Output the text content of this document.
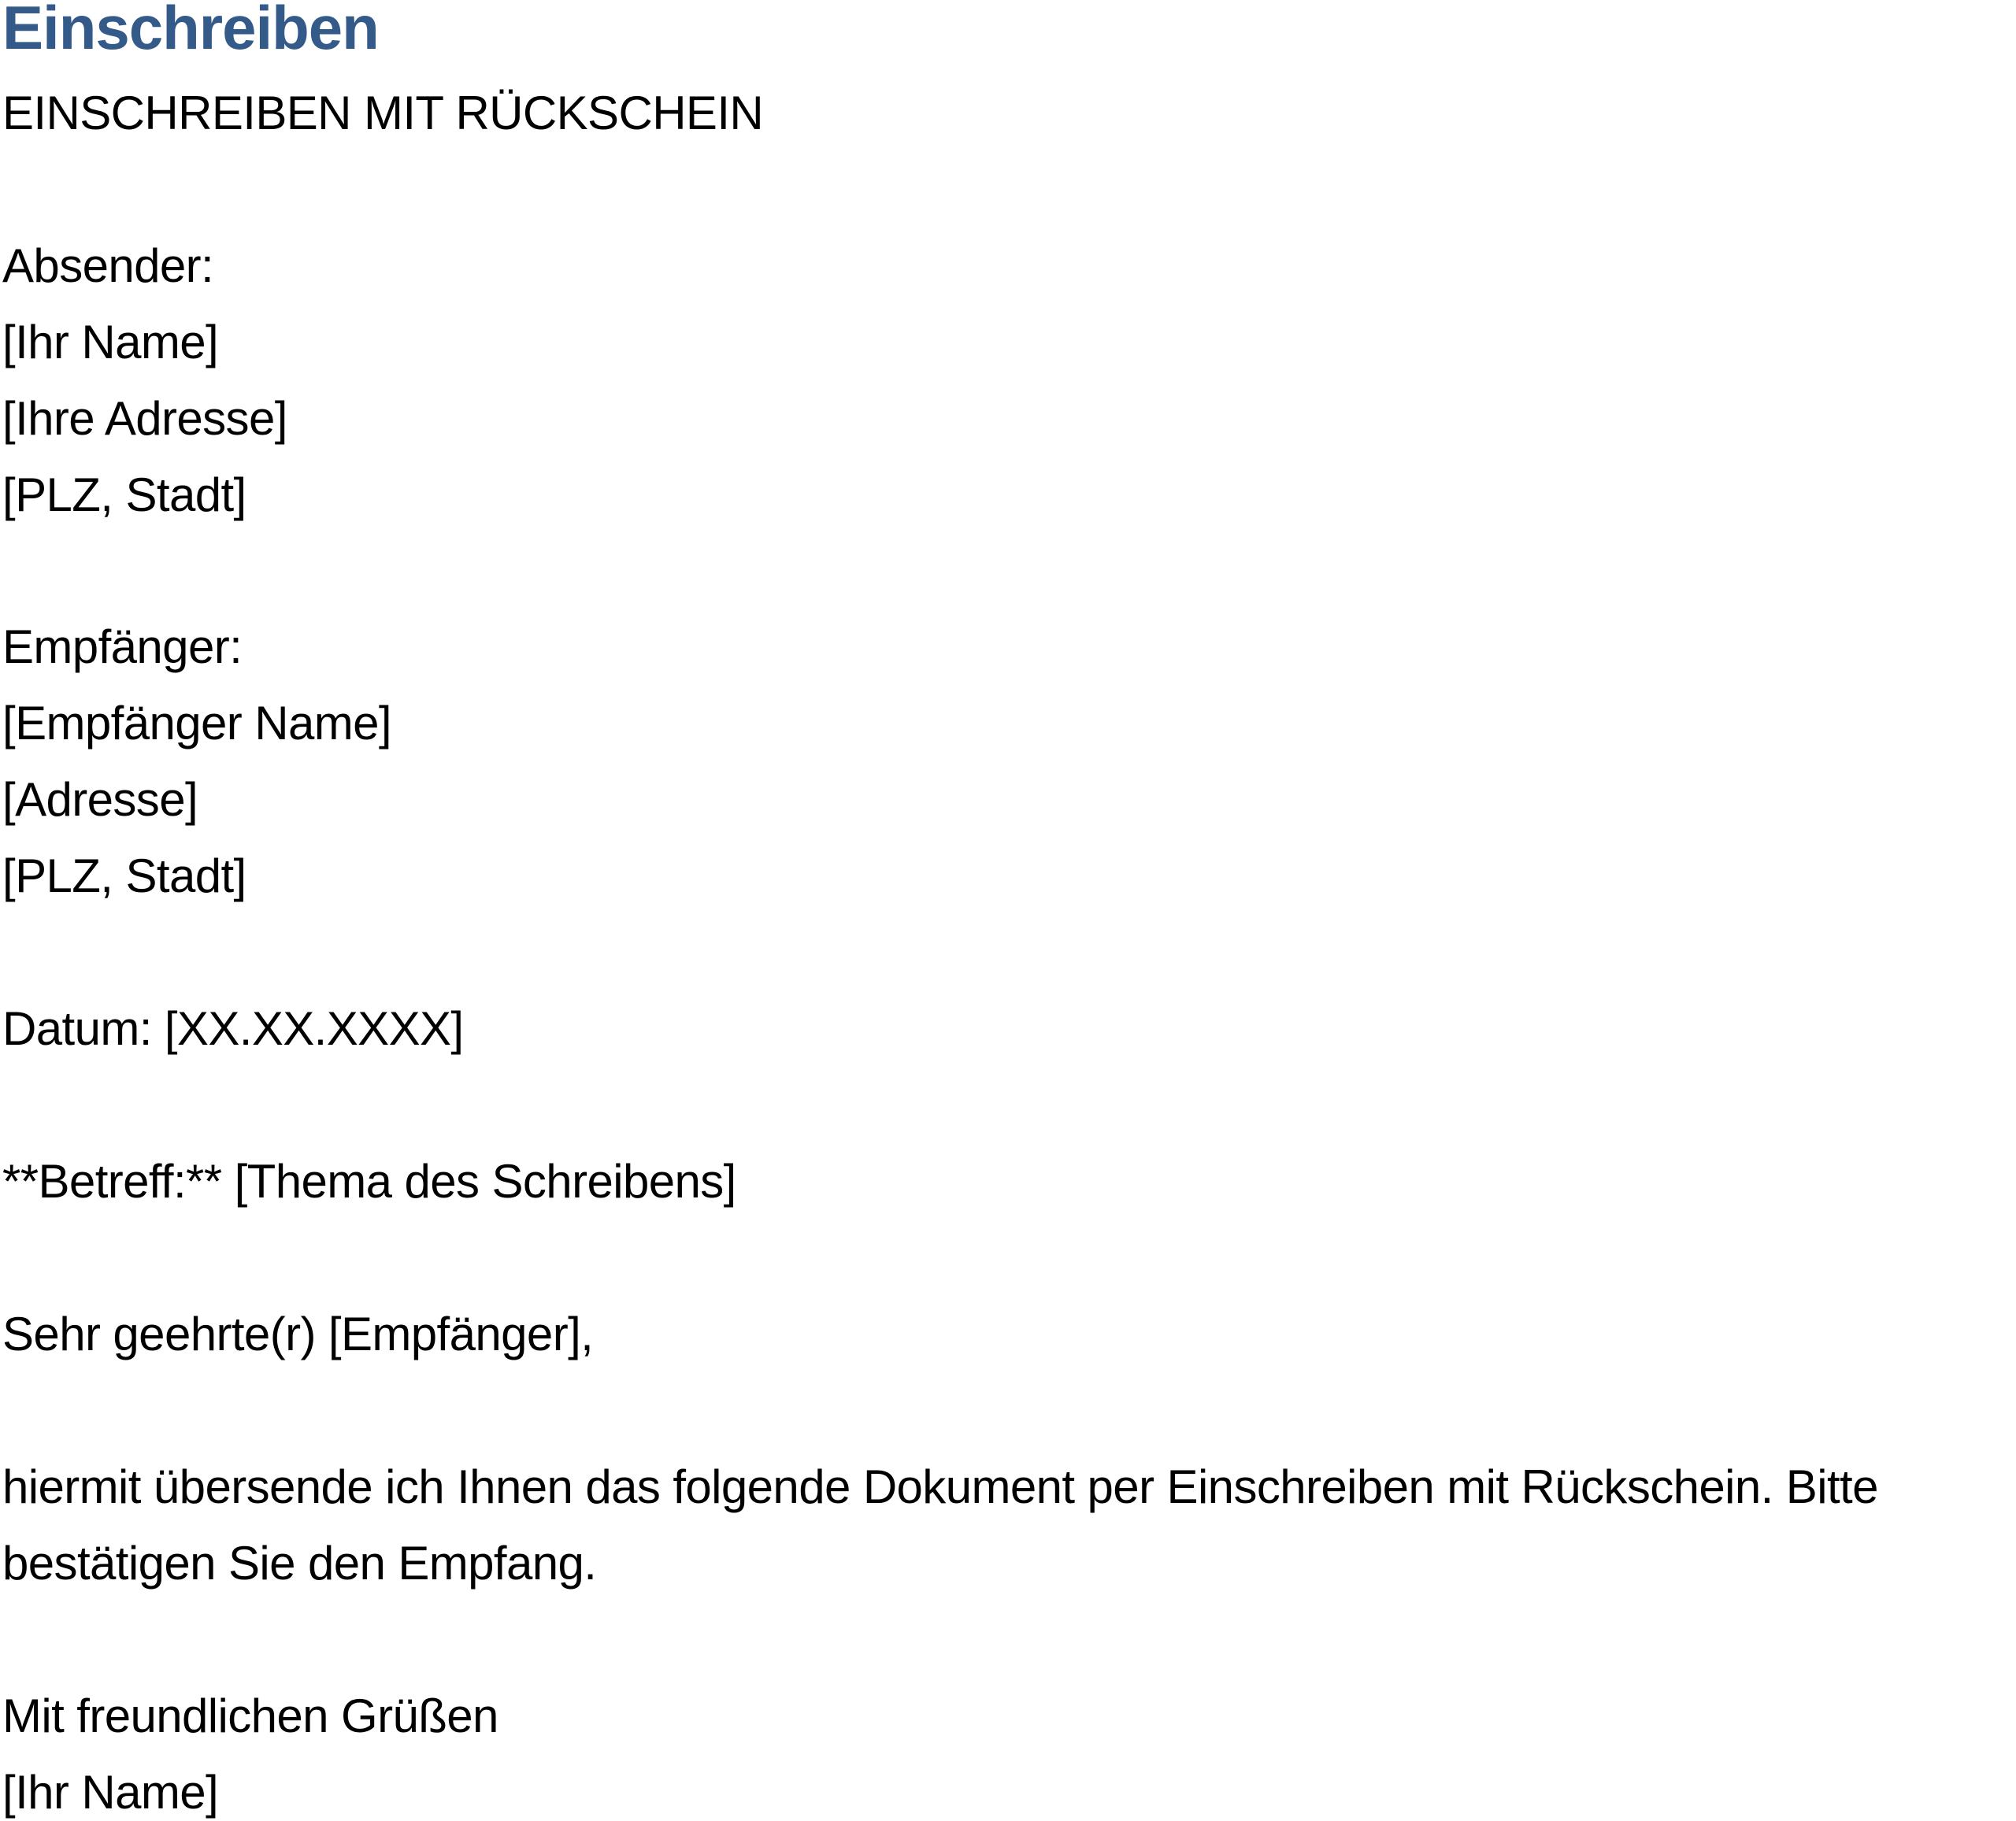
Einschreiben
EINSCHREIBEN MIT RÜCKSCHEIN
Absender:
[Ihr Name]
[Ihre Adresse]
[PLZ, Stadt]
Empfänger:
[Empfänger Name]
[Adresse]
[PLZ, Stadt]
Datum: [XX.XX.XXXX]
**Betreff:** [Thema des Schreibens]
Sehr geehrte(r) [Empfänger],
hiermit übersende ich Ihnen das folgende Dokument per Einschreiben mit Rückschein. Bitte
bestätigen Sie den Empfang.
Mit freundlichen Grüßen
[Ihr Name]
